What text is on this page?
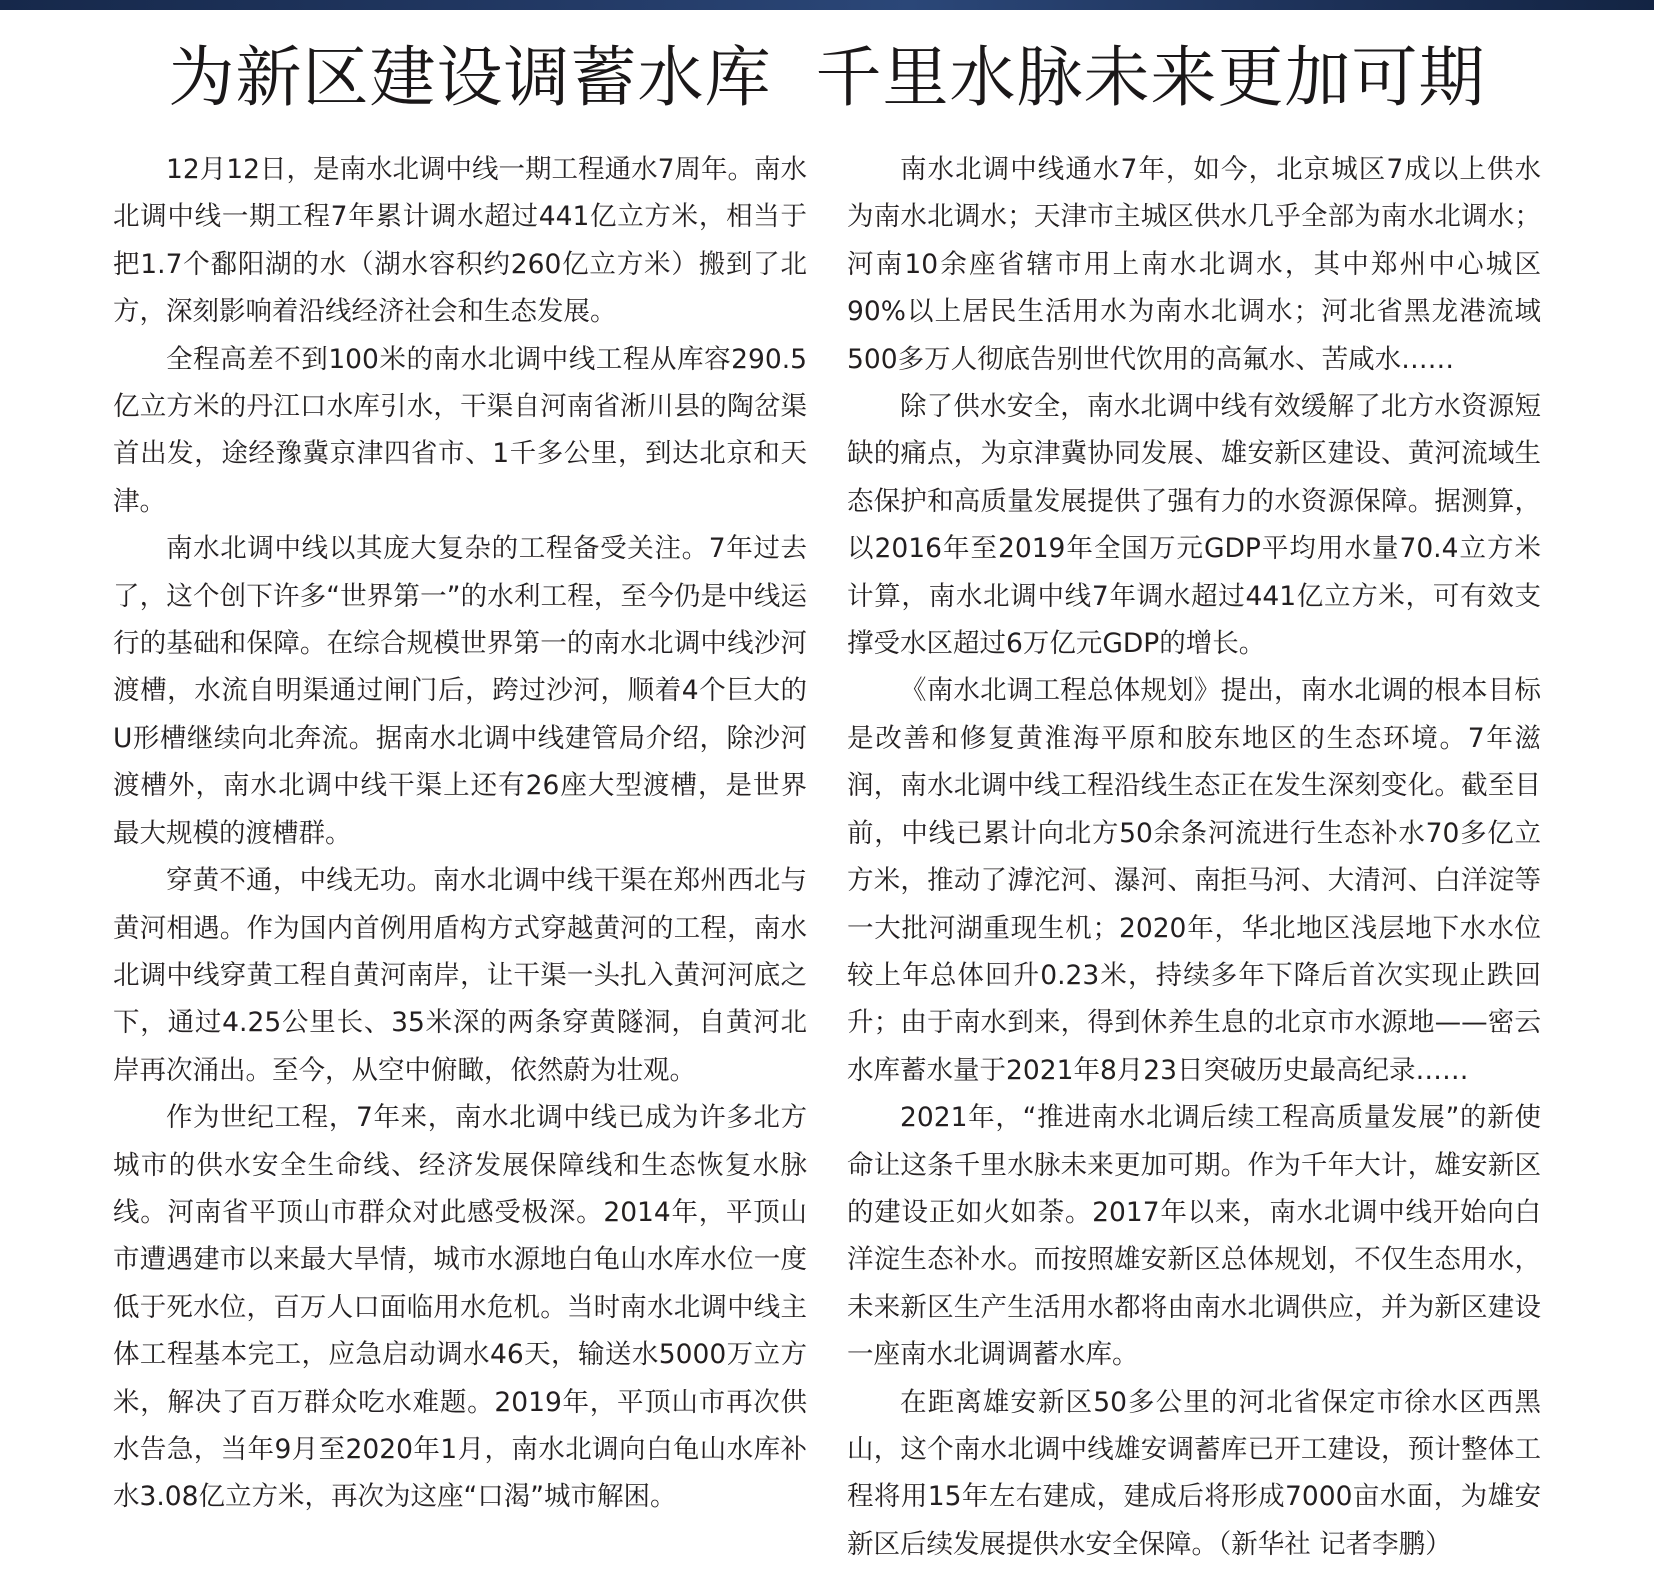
为新区建设调蓄水库  千里水脉未来更加可期

12月12日，是南水北调中线一期工程通水7周年。南水北调中线一期工程7年累计调水超过441亿立方米，相当于把1.7个鄱阳湖的水（湖水容积约260亿立方米）搬到了北方，深刻影响着沿线经济社会和生态发展。

全程高差不到100米的南水北调中线工程从库容290.5亿立方米的丹江口水库引水，干渠自河南省淅川县的陶岔渠首出发，途经豫冀京津四省市、1千多公里，到达北京和天津。

南水北调中线以其庞大复杂的工程备受关注。7年过去了，这个创下许多“世界第一”的水利工程，至今仍是中线运行的基础和保障。在综合规模世界第一的南水北调中线沙河渡槽，水流自明渠通过闸门后，跨过沙河，顺着4个巨大的U形槽继续向北奔流。据南水北调中线建管局介绍，除沙河渡槽外，南水北调中线干渠上还有26座大型渡槽，是世界最大规模的渡槽群。

穿黄不通，中线无功。南水北调中线干渠在郑州西北与黄河相遇。作为国内首例用盾构方式穿越黄河的工程，南水北调中线穿黄工程自黄河南岸，让干渠一头扎入黄河河底之下，通过4.25公里长、35米深的两条穿黄隧洞，自黄河北岸再次涌出。至今，从空中俯瞰，依然蔚为壮观。

作为世纪工程，7年来，南水北调中线已成为许多北方城市的供水安全生命线、经济发展保障线和生态恢复水脉线。河南省平顶山市群众对此感受极深。2014年，平顶山市遭遇建市以来最大旱情，城市水源地白龟山水库水位一度低于死水位，百万人口面临用水危机。当时南水北调中线主体工程基本完工，应急启动调水46天，输送水5000万立方米，解决了百万群众吃水难题。2019年，平顶山市再次供水告急，当年9月至2020年1月，南水北调向白龟山水库补水3.08亿立方米，再次为这座“口渴”城市解困。

南水北调中线通水7年，如今，北京城区7成以上供水为南水北调水；天津市主城区供水几乎全部为南水北调水；河南10余座省辖市用上南水北调水，其中郑州中心城区90%以上居民生活用水为南水北调水；河北省黑龙港流域500多万人彻底告别世代饮用的高氟水、苦咸水……

除了供水安全，南水北调中线有效缓解了北方水资源短缺的痛点，为京津冀协同发展、雄安新区建设、黄河流域生态保护和高质量发展提供了强有力的水资源保障。据测算，以2016年至2019年全国万元GDP平均用水量70.4立方米计算，南水北调中线7年调水超过441亿立方米，可有效支撑受水区超过6万亿元GDP的增长。

《南水北调工程总体规划》提出，南水北调的根本目标是改善和修复黄淮海平原和胶东地区的生态环境。7年滋润，南水北调中线工程沿线生态正在发生深刻变化。截至目前，中线已累计向北方50余条河流进行生态补水70多亿立方米，推动了滹沱河、瀑河、南拒马河、大清河、白洋淀等一大批河湖重现生机；2020年，华北地区浅层地下水水位较上年总体回升0.23米，持续多年下降后首次实现止跌回升；由于南水到来，得到休养生息的北京市水源地——密云水库蓄水量于2021年8月23日突破历史最高纪录……

2021年，“推进南水北调后续工程高质量发展”的新使命让这条千里水脉未来更加可期。作为千年大计，雄安新区的建设正如火如荼。2017年以来，南水北调中线开始向白洋淀生态补水。而按照雄安新区总体规划，不仅生态用水，未来新区生产生活用水都将由南水北调供应，并为新区建设一座南水北调调蓄水库。

在距离雄安新区50多公里的河北省保定市徐水区西黑山，这个南水北调中线雄安调蓄库已开工建设，预计整体工程将用15年左右建成，建成后将形成7000亩水面，为雄安新区后续发展提供水安全保障。（新华社 记者李鹏）
